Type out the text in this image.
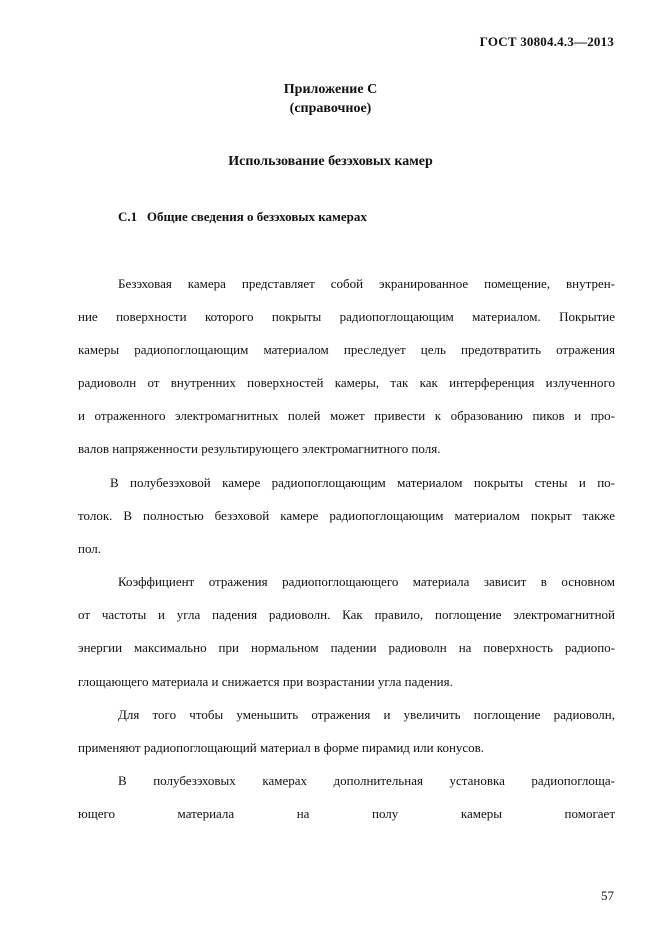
ГОСТ 30804.4.3—2013
Приложение С
(справочное)
Использование безэховых камер
С.1   Общие сведения о безэховых камерах
Безэховая камера представляет собой экранированное помещение, внутрен-
ние поверхности которого покрыты радиопоглощающим материалом. Покрытие
камеры радиопоглощающим материалом преследует цель предотвратить отражения
радиоволн от внутренних поверхностей камеры, так как интерференция излученного
и отраженного электромагнитных полей может привести к образованию пиков и про-
валов напряженности результирующего электромагнитного поля.
В полубезэховой камере радиопоглощающим материалом покрыты стены и по-
толок. В полностью безэховой камере радиопоглощающим материалом покрыт также
пол.
Коэффициент отражения радиопоглощающего материала зависит в основном
от частоты и угла падения радиоволн. Как правило, поглощение электромагнитной
энергии максимально при нормальном падении радиоволн на поверхность радиопо-
глощающего материала и снижается при возрастании угла падения.
Для того чтобы уменьшить отражения и увеличить поглощение радиоволн,
применяют радиопоглощающий материал в форме пирамид или конусов.
В полубезэховых камерах дополнительная установка радиопоглоща-
ющего материала на полу камеры помогает
57
